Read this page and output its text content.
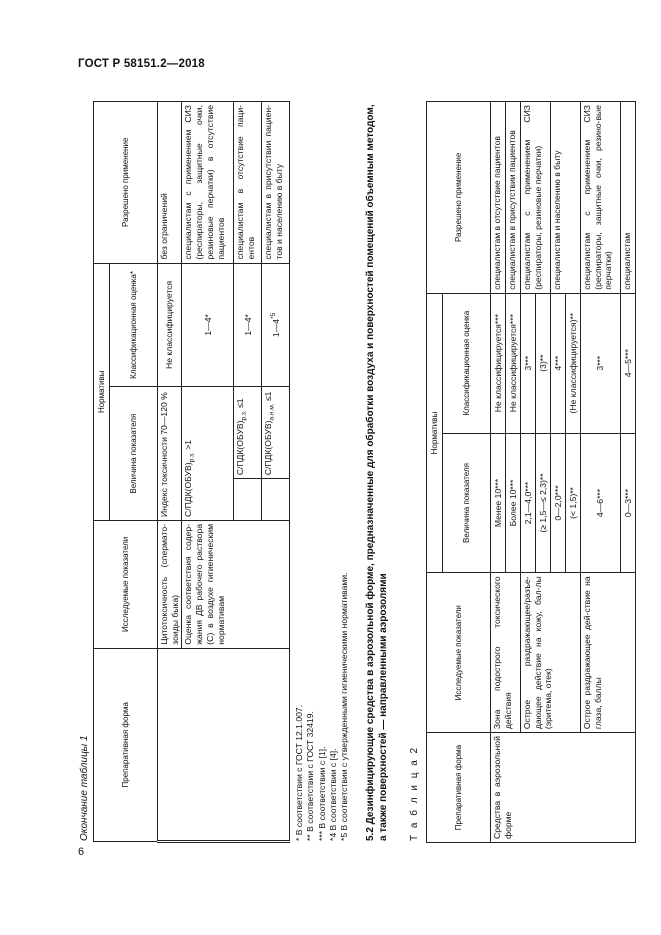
ГОСТ Р 58151.2—2018
6
Окончание таблицы 1	Препаративная форма	Исследуемые показатели	Нормативы			Разрешено применение
		Величина показателя		Классификационная оценка*	
	Цитотоксичность (спермато-зоиды быка)	Индекс токсичности 70—120 %		Не классифицируется	без ограничений
	Оценка соответствия содер-жания ДВ рабочего раствора (С) в воздухе гигиеническим нормативам	$С/ПДК(ОБУВ)_{р.з.} >1$		1—4*	специалистам с применением СИЗ (респираторы, защитные очки, резиновые перчатки) в отсутствие пациентов
			$С/ПДК(ОБУВ)_{р.з.} \le 1$	1—4*	специалистам в отсутствие паци-ентов
			$С/ПДК(ОБУВ)_{а.н.м.} \le 1$	1—4$^{*5}$	специалистам в присутствии пациен-тов и населению в быту
* В соответствии с ГОСТ 12.1.007. ** В соответствии с ГОСТ 32419. *** В соответствии с [1]. *4 В соответствии с [4]. *5 В соответствии с утвержденными гигиеническими нормативами. 5.2 Дезинфицирующие средства в аэрозольной форме, предназначенные для обработки воздуха и поверхностей помещений объемным методом, а также поверхностей — направленными аэрозолями Т а б л и ц а 2	Препаративная форма	Исследуемые показатели	Нормативы		Разрешено применение
		Величина показателя	Классификационная оценка	
Средства в аэрозольной форме	Зона подострого токсического действия	Менее 10***	Не классифицируется***	специалистам в отсутствие пациентов
		Более 10***	Не классифицируется***	специалистам в присутствии пациентов
	Острое раздражающее/разъе-дающее действие на кожу, бал-лы (эритема, отек)	2,1—4,0***	3***	специалистам с применением СИЗ (респираторы, резиновые перчатки)
		(≥ 1,5—≤ 2,3)**	(3)**	
		0—2,0***	4***	специалистам и населению в быту
		(< 1,5)**	(Не классифицируется)**	
	Острое раздражающее дей-ствие на глаза, баллы	4—6***	3***	специалистам с применением СИЗ (респираторы, защитные очки, резино-вые перчатки)
		0—3***	4—5***	специалистам
